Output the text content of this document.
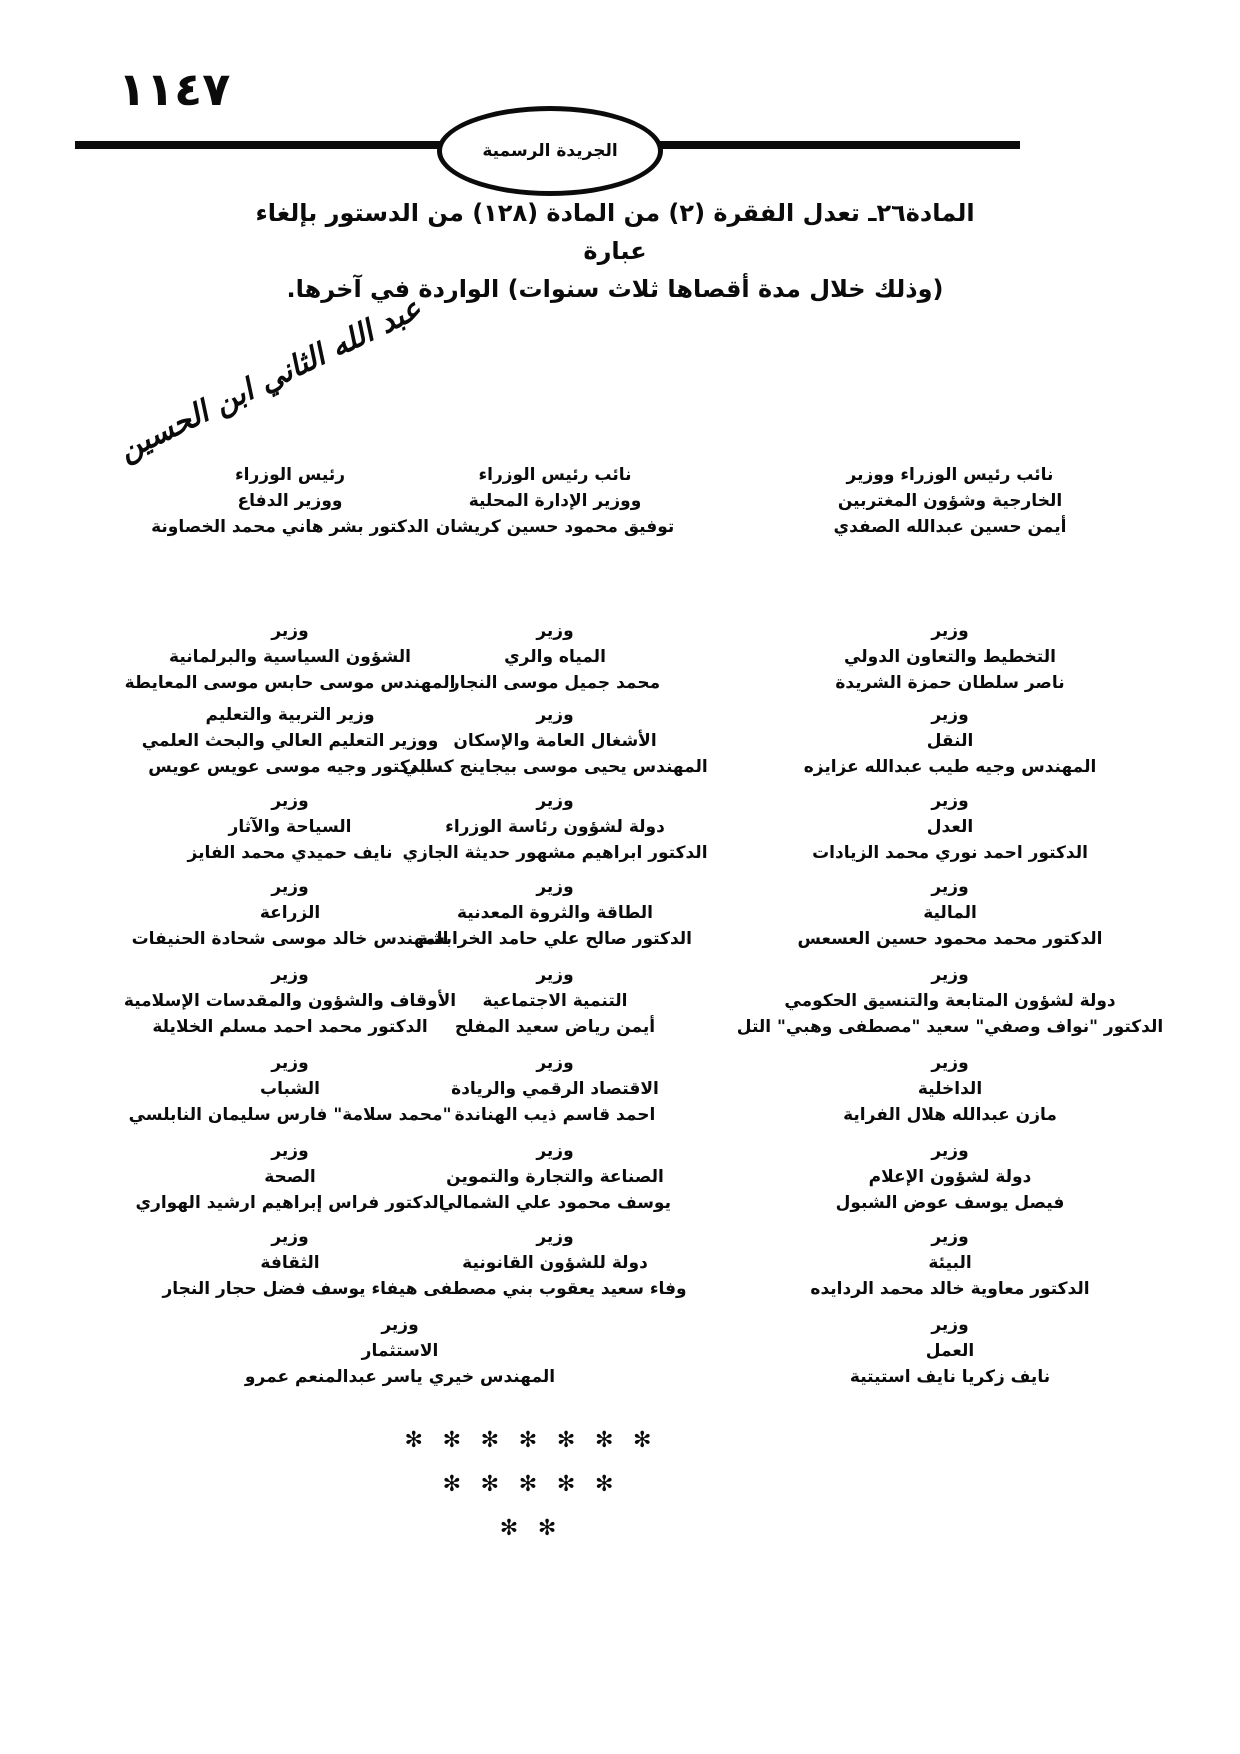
١١٤٧
الجريدة الرسمية
المادة٢٦ـ تعدل الفقرة (٢) من المادة (١٢٨) من الدستور بإلغاء عبارة
(وذلك خلال مدة أقصاها ثلاث سنوات) الواردة في آخرها.
عبد الله الثاني ابن الحسين
نائب رئيس الوزراء ووزير
الخارجية وشؤون المغتربين
أيمن حسين عبدالله الصفدي
نائب رئيس الوزراء
ووزير الإدارة المحلية
توفيق محمود حسين كريشان
رئيس الوزراء
ووزير الدفاع
الدكتور بشر هاني محمد الخصاونة
وزير
التخطيط والتعاون الدولي
ناصر سلطان حمزة الشريدة
وزير
المياه والري
محمد جميل موسى النجار
وزير
الشؤون السياسية والبرلمانية
المهندس موسى حابس موسى المعايطة
وزير
النقل
المهندس وجيه طيب عبدالله عزايزه
وزير
الأشغال العامة والإسكان
المهندس يحيى موسى بيجاينج كسبي
وزير التربية والتعليم
ووزير التعليم العالي والبحث العلمي
الدكتور وجيه موسى عويس عويس
وزير
العدل
الدكتور احمد نوري محمد الزيادات
وزير
دولة لشؤون رئاسة الوزراء
الدكتور ابراهيم مشهور حديثة الجازي
وزير
السياحة والآثار
نايف حميدي محمد الفايز
وزير
المالية
الدكتور محمد محمود حسين العسعس
وزير
الطاقة والثروة المعدنية
الدكتور صالح علي حامد الخرابشة
وزير
الزراعة
المهندس خالد موسى شحادة الحنيفات
وزير
دولة لشؤون المتابعة والتنسيق الحكومي
الدكتور "نواف وصفي" سعيد "مصطفى وهبي" التل
وزير
التنمية الاجتماعية
أيمن رياض سعيد المفلح
وزير
الأوقاف والشؤون والمقدسات الإسلامية
الدكتور محمد احمد مسلم الخلايلة
وزير
الداخلية
مازن عبدالله هلال الفراية
وزير
الاقتصاد الرقمي والريادة
احمد قاسم ذيب الهناندة
وزير
الشباب
"محمد سلامة" فارس سليمان النابلسي
وزير
دولة لشؤون الإعلام
فيصل يوسف عوض الشبول
وزير
الصناعة والتجارة والتموين
يوسف محمود علي الشمالي
وزير
الصحة
الدكتور فراس إبراهيم ارشيد الهواري
وزير
البيئة
الدكتور معاوية خالد محمد الردايده
وزير
دولة للشؤون القانونية
وفاء سعيد يعقوب بني مصطفى
وزير
الثقافة
هيفاء يوسف فضل حجار النجار
وزير
العمل
نايف زكريا نايف استيتية
وزير
الاستثمار
المهندس خيري ياسر عبدالمنعم عمرو
✻ ✻ ✻ ✻ ✻ ✻ ✻
✻ ✻ ✻ ✻ ✻
✻ ✻
